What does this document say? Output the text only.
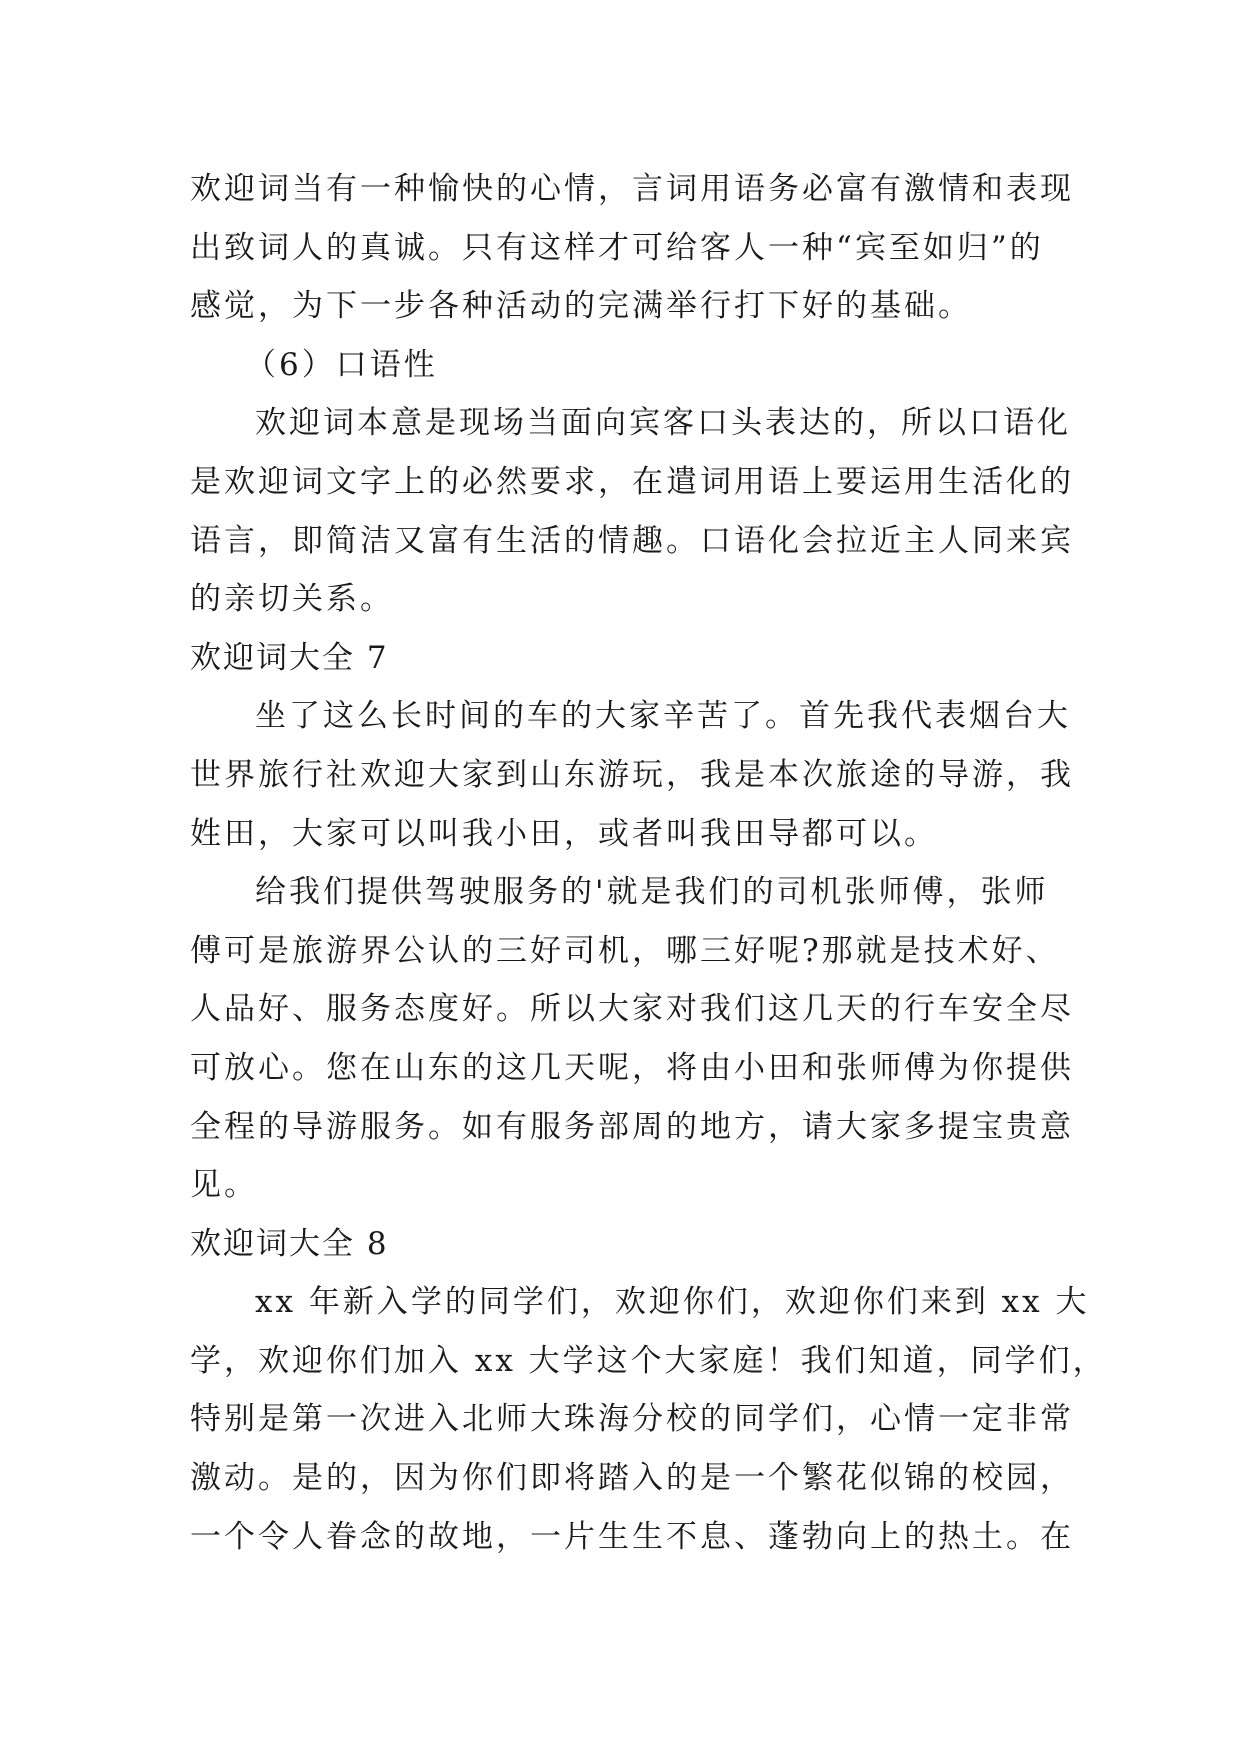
欢迎词当有一种愉快的心情，言词用语务必富有激情和表现
出致词人的真诚。只有这样才可给客人一种“宾至如归”的
感觉，为下一步各种活动的完满举行打下好的基础。
（6）口语性
欢迎词本意是现场当面向宾客口头表达的，所以口语化
是欢迎词文字上的必然要求，在遣词用语上要运用生活化的
语言，即简洁又富有生活的情趣。口语化会拉近主人同来宾
的亲切关系。
欢迎词大全 7
坐了这么长时间的车的大家辛苦了。首先我代表烟台大
世界旅行社欢迎大家到山东游玩，我是本次旅途的导游，我
姓田，大家可以叫我小田，或者叫我田导都可以。
给我们提供驾驶服务的'就是我们的司机张师傅，张师
傅可是旅游界公认的三好司机，哪三好呢?那就是技术好、
人品好、服务态度好。所以大家对我们这几天的行车安全尽
可放心。您在山东的这几天呢，将由小田和张师傅为你提供
全程的导游服务。如有服务部周的地方，请大家多提宝贵意
见。
欢迎词大全 8
xx 年新入学的同学们，欢迎你们，欢迎你们来到 xx 大
学，欢迎你们加入 xx 大学这个大家庭！我们知道，同学们，
特别是第一次进入北师大珠海分校的同学们，心情一定非常
激动。是的，因为你们即将踏入的是一个繁花似锦的校园，
一个令人眷念的故地，一片生生不息、蓬勃向上的热土。在
